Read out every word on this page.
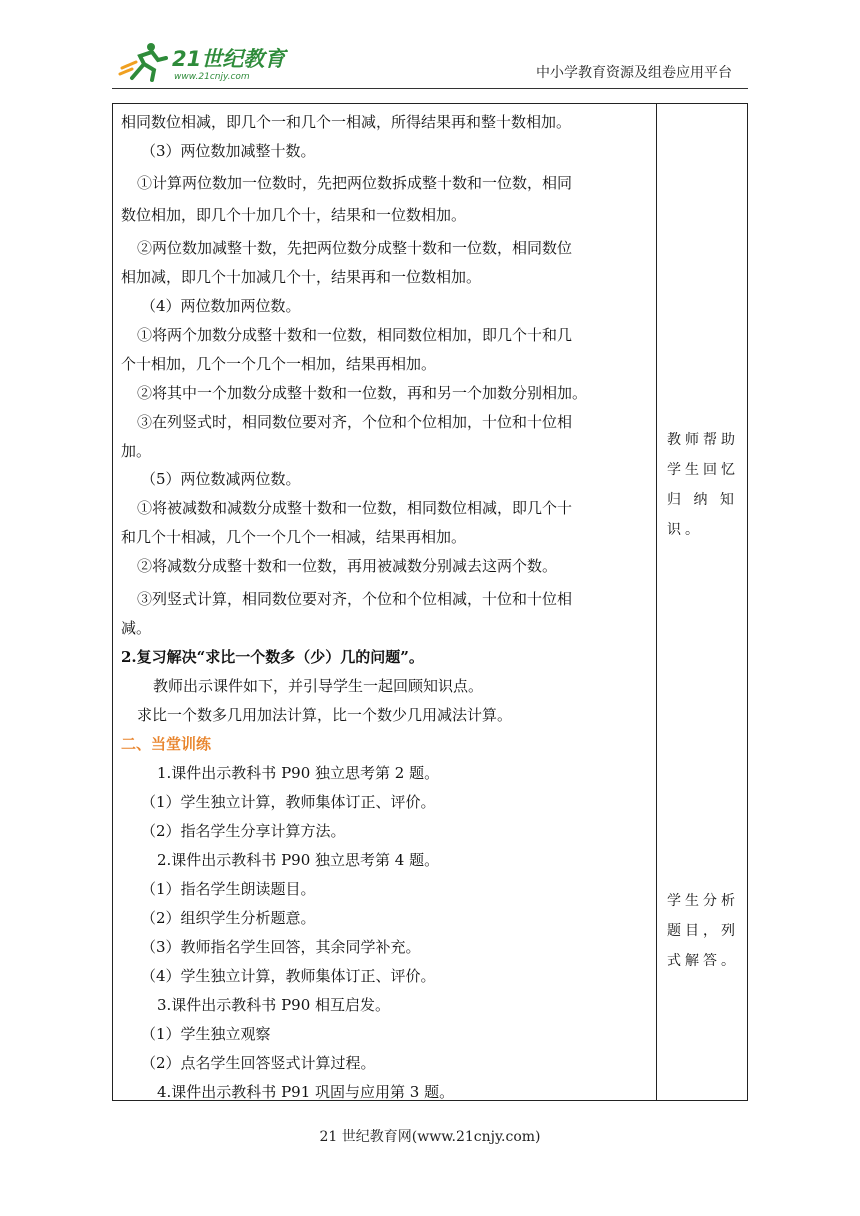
21世纪教育
www.21cnjy.com	中小学教育资源及组卷应用平台
相同数位相减，即几个一和几个一相减，所得结果再和整十数相加。
（3）两位数加减整十数。
①计算两位数加一位数时，先把两位数拆成整十数和一位数，相同
数位相加，即几个十加几个十，结果和一位数相加。
②两位数加减整十数，先把两位数分成整十数和一位数，相同数位
相加减，即几个十加减几个十，结果再和一位数相加。
（4）两位数加两位数。
①将两个加数分成整十数和一位数，相同数位相加，即几个十和几
个十相加，几个一个几个一相加，结果再相加。
②将其中一个加数分成整十数和一位数，再和另一个加数分别相加。
③在列竖式时，相同数位要对齐，个位和个位相加，十位和十位相
加。
（5）两位数减两位数。
①将被减数和减数分成整十数和一位数，相同数位相减，即几个十
和几个十相减，几个一个几个一相减，结果再相加。
②将减数分成整十数和一位数，再用被减数分别减去这两个数。
③列竖式计算，相同数位要对齐，个位和个位相减，十位和十位相
减。
2.复习解决“求比一个数多（少）几的问题”。
教师出示课件如下，并引导学生一起回顾知识点。
求比一个数多几用加法计算，比一个数少几用减法计算。
二、当堂训练
1.课件出示教科书 P90 独立思考第 2 题。
（1）学生独立计算，教师集体订正、评价。
（2）指名学生分享计算方法。
2.课件出示教科书 P90 独立思考第 4 题。
（1）指名学生朗读题目。
（2）组织学生分析题意。
（3）教师指名学生回答，其余同学补充。
（4）学生独立计算，教师集体订正、评价。
3.课件出示教科书 P90 相互启发。
（1）学生独立观察
（2）点名学生回答竖式计算过程。
4.课件出示教科书 P91 巩固与应用第 3 题。
教师帮助
学生回忆
归 纳 知
识。
学生分析
题目，列
式解答。
21 世纪教育网(www.21cnjy.com)
